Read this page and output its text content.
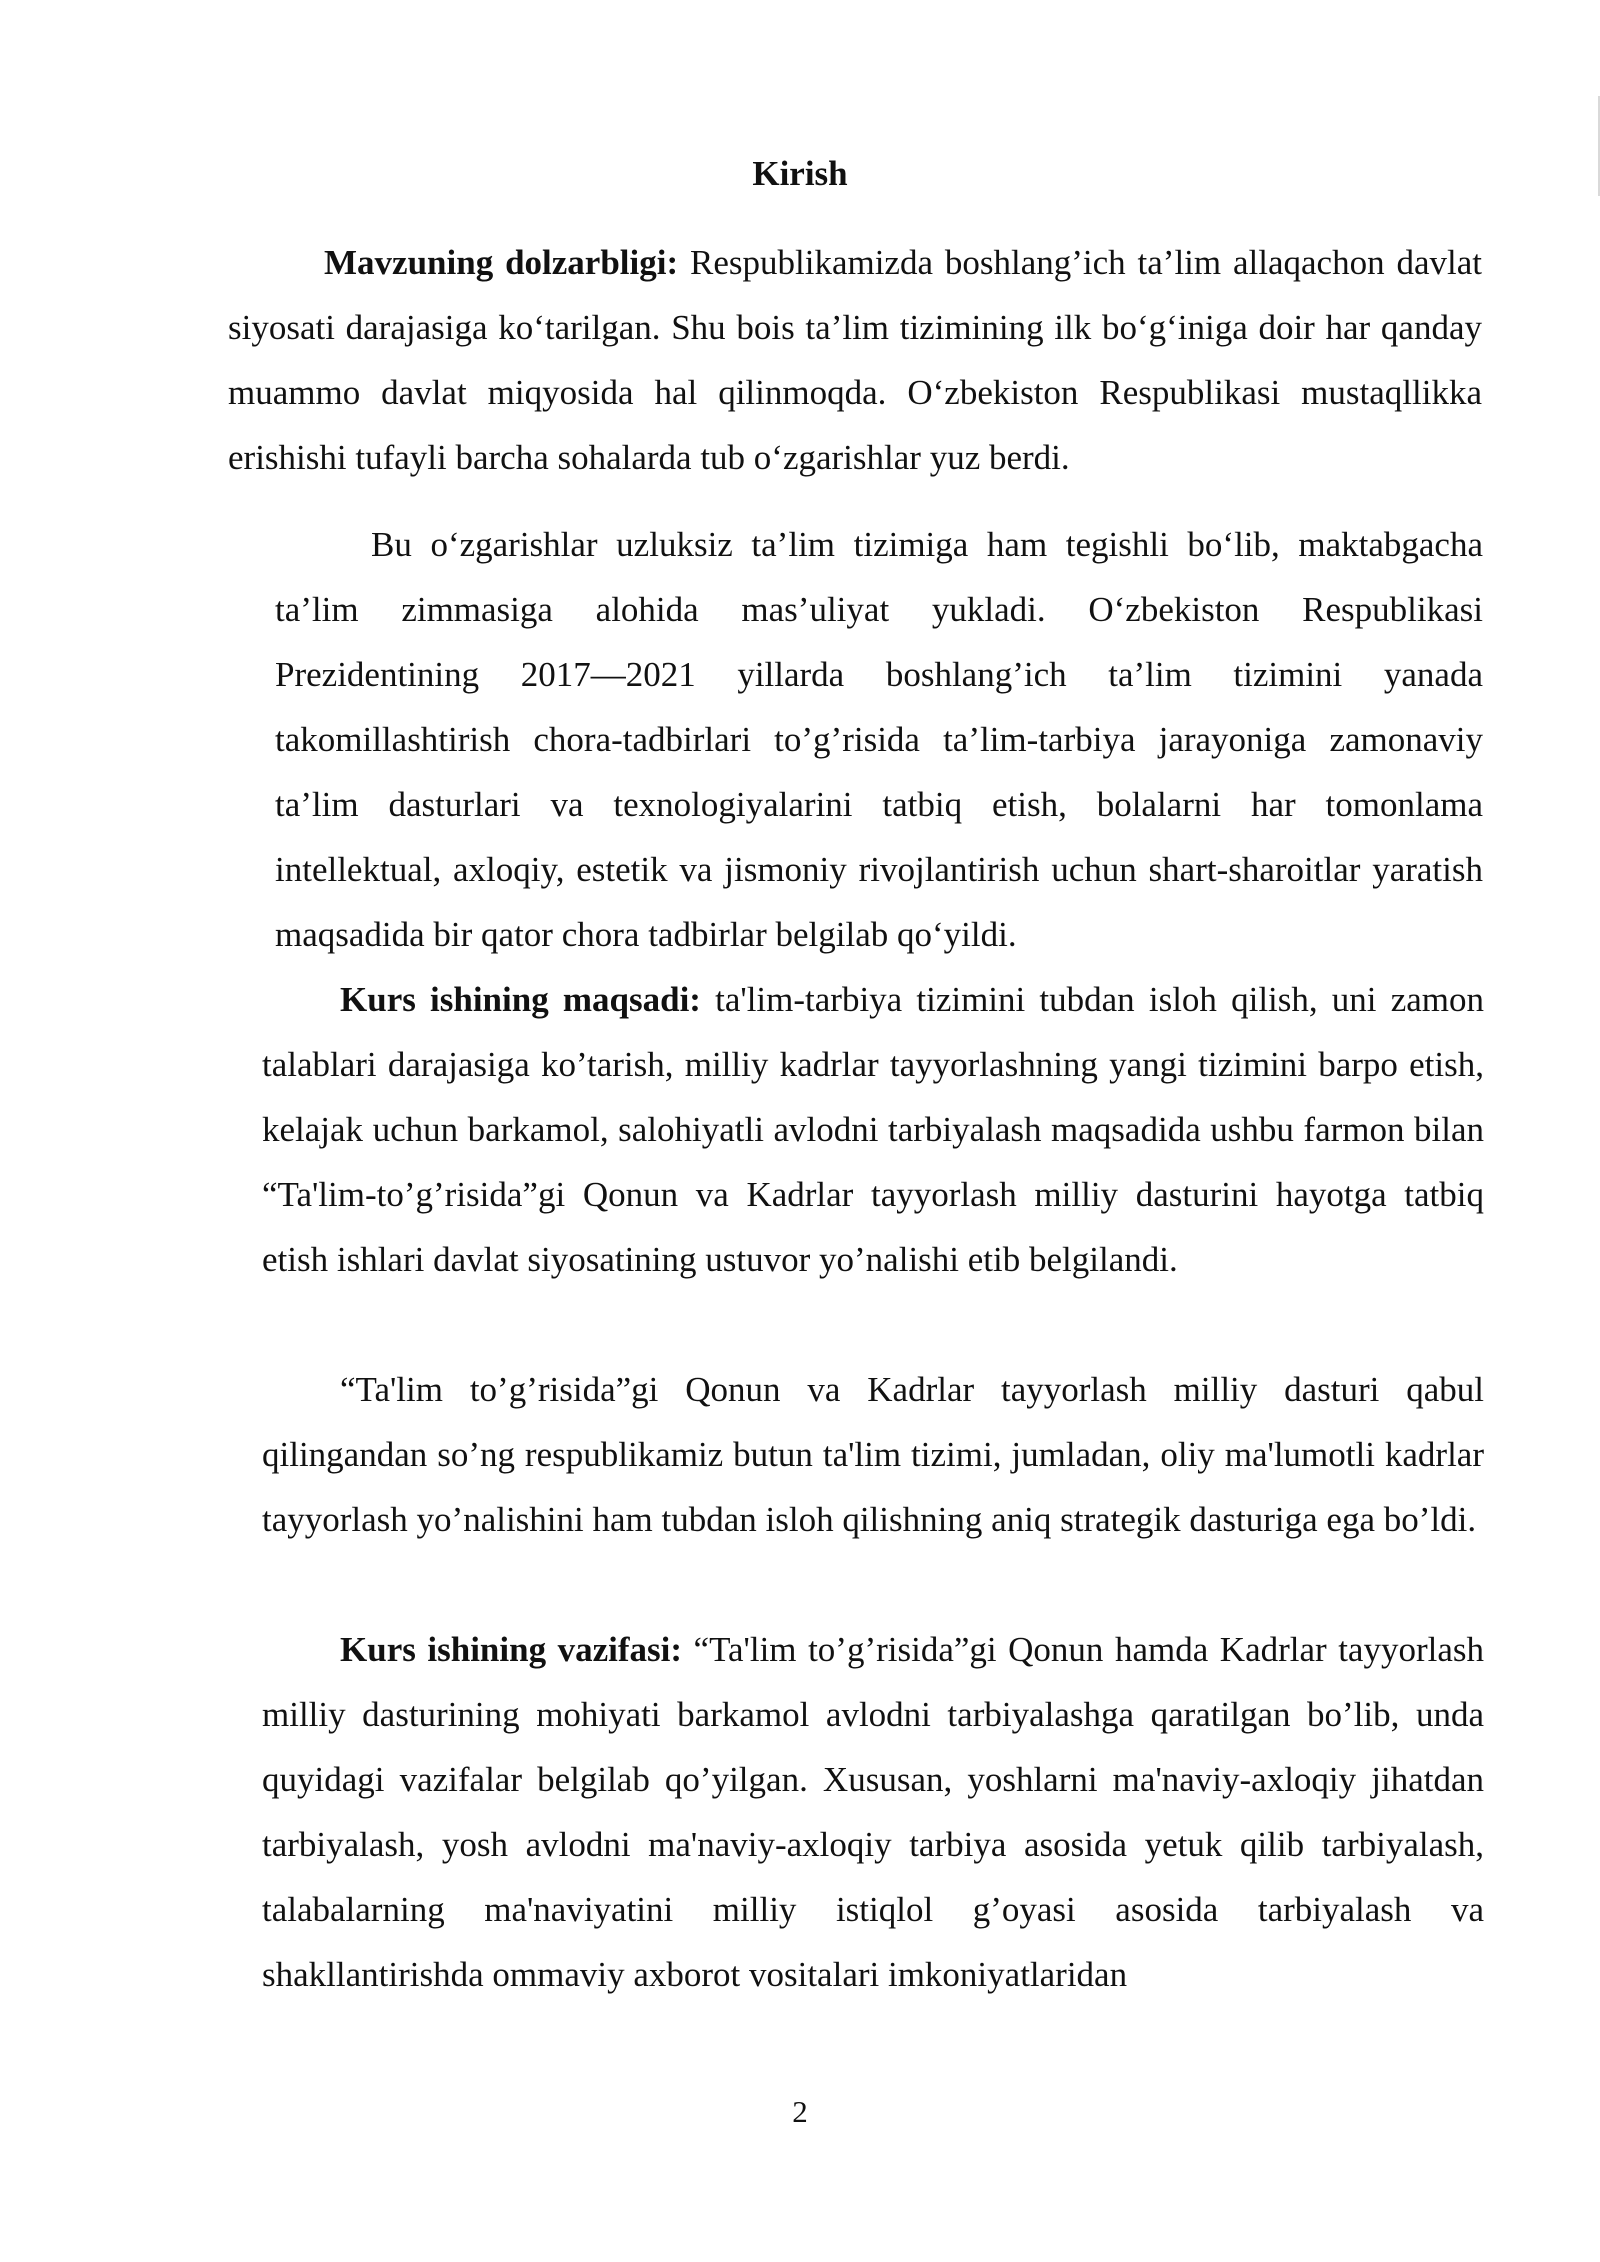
Kirish

Mavzuning dolzarbligi: Respublikamizda boshlang’ich ta’lim allaqachon davlat siyosati darajasiga ko‘tarilgan. Shu bois ta’lim tizimining ilk bo‘g‘iniga doir har qanday muammo davlat miqyosida hal qilinmoqda. O‘zbekiston Respublikasi mustaqllikka erishishi tufayli barcha sohalarda tub o‘zgarishlar yuz berdi.

Bu o‘zgarishlar uzluksiz ta’lim tizimiga ham tegishli bo‘lib, maktabgacha ta’lim zimmasiga alohida mas’uliyat yukladi. O‘zbekiston Respublikasi Prezidentining 2017—2021 yillarda boshlang’ich ta’lim tizimini yanada takomillashtirish chora-tadbirlari to’g’risida ta’lim-tarbiya jarayoniga zamonaviy ta’lim dasturlari va texnologiyalarini tatbiq etish, bolalarni har tomonlama intellektual, axloqiy, estetik va jismoniy rivojlantirish uchun shart-sharoitlar yaratish maqsadida bir qator chora tadbirlar belgilab qo‘yildi.

Kurs ishining maqsadi: ta'lim-tarbiya tizimini tubdan isloh qilish, uni zamon talablari darajasiga ko’tarish, milliy kadrlar tayyorlashning yangi tizimini barpo etish, kelajak uchun barkamol, salohiyatli avlodni tarbiyalash maqsadida ushbu farmon bilan “Ta'lim-to’g’risida”gi Qonun va Kadrlar tayyorlash milliy dasturini hayotga tatbiq etish ishlari davlat siyosatining ustuvor yo’nalishi etib belgilandi.

“Ta'lim to’g’risida”gi Qonun va Kadrlar tayyorlash milliy dasturi qabul qilingandan so’ng respublikamiz butun ta'lim tizimi, jumladan, oliy ma'lumotli kadrlar tayyorlash yo’nalishini ham tubdan isloh qilishning aniq strategik dasturiga ega bo’ldi.

Kurs ishining vazifasi: “Ta'lim to’g’risida”gi Qonun hamda Kadrlar tayyorlash milliy dasturining mohiyati barkamol avlodni tarbiyalashga qaratilgan bo’lib, unda quyidagi vazifalar belgilab qo’yilgan. Xususan, yoshlarni ma'naviy-axloqiy jihatdan tarbiyalash, yosh avlodni ma'naviy-axloqiy tarbiya asosida yetuk qilib tarbiyalash, talabalarning ma'naviyatini milliy istiqlol g’oyasi asosida tarbiyalash va shakllantirishda ommaviy axborot vositalari imkoniyatlaridan

2
